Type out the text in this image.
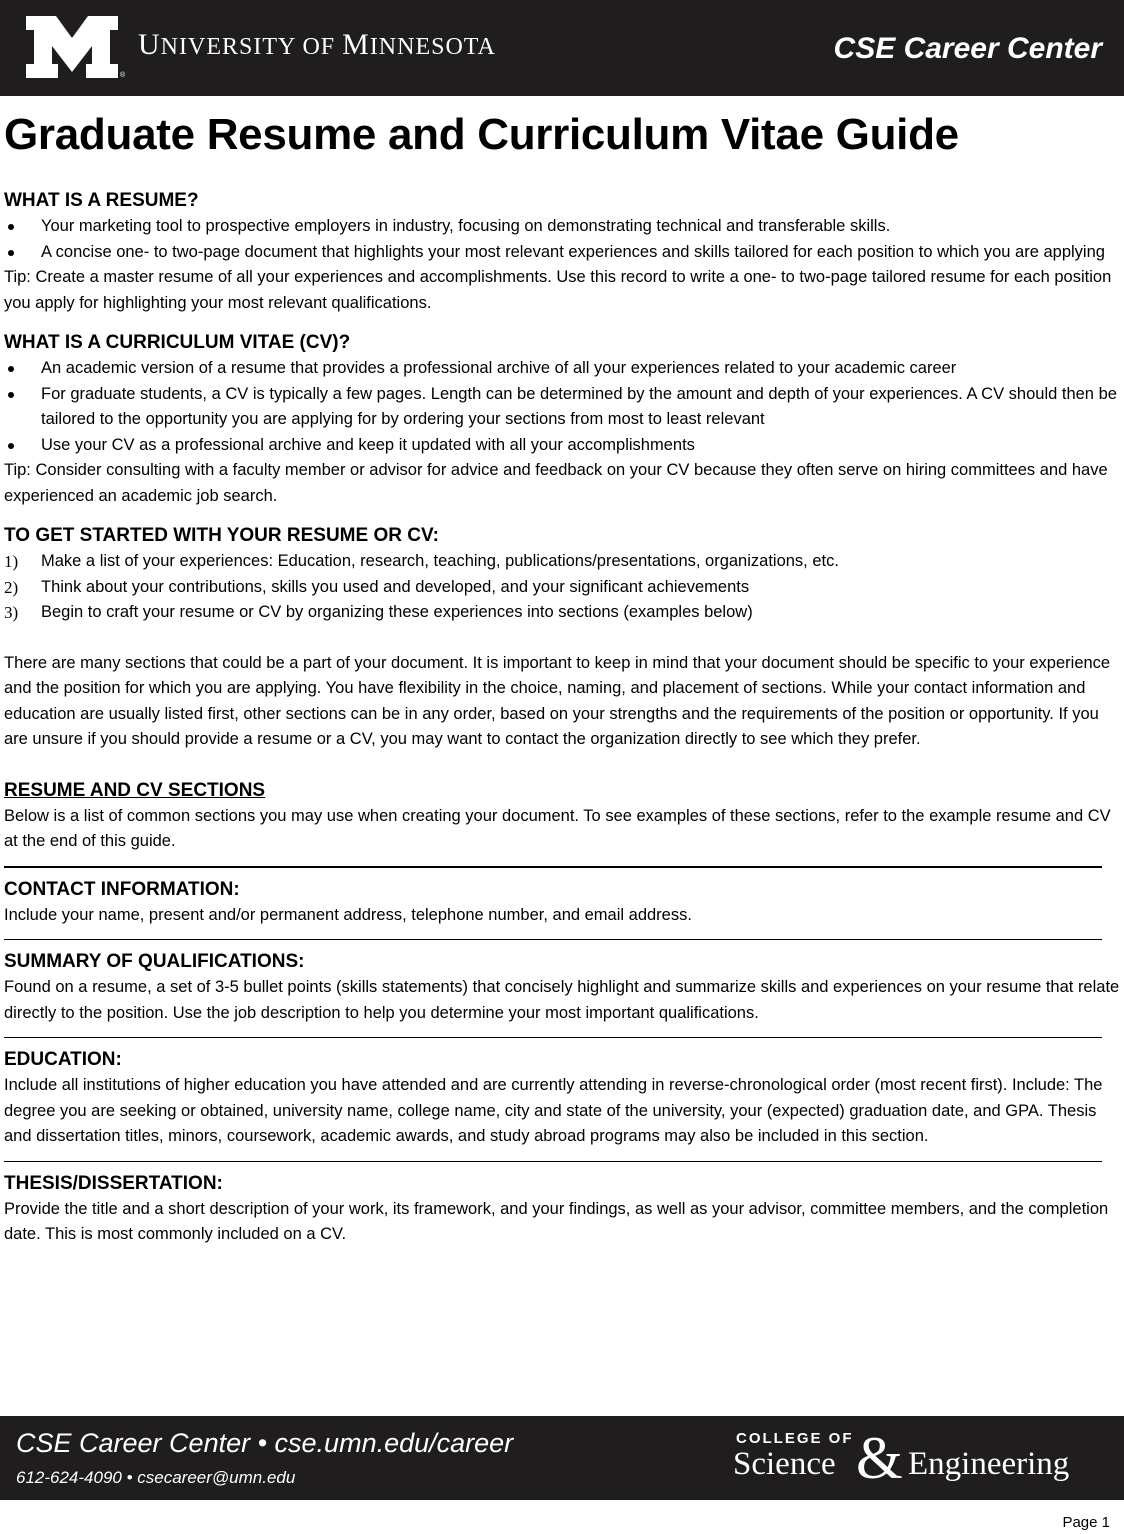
®
UNIVERSITY OF MINNESOTA	CSE Career Center
Graduate Resume and Curriculum Vitae Guide

WHAT IS A RESUME?

Your marketing tool to prospective employers in industry, focusing on demonstrating technical and transferable skills.
A concise one- to two-page document that highlights your most relevant experiences and skills tailored for each position to which you are applying

Tip: Create a master resume of all your experiences and accomplishments. Use this record to write a one- to two-page tailored resume for each position you apply for highlighting your most relevant qualifications.

WHAT IS A CURRICULUM VITAE (CV)?

An academic version of a resume that provides a professional archive of all your experiences related to your academic career
For graduate students, a CV is typically a few pages. Length can be determined by the amount and depth of your experiences. A CV should then be tailored to the opportunity you are applying for by ordering your sections from most to least relevant
Use your CV as a professional archive and keep it updated with all your accomplishments

Tip: Consider consulting with a faculty member or advisor for advice and feedback on your CV because they often serve on hiring committees and have experienced an academic job search.

TO GET STARTED WITH YOUR RESUME OR CV:

1) Make a list of your experiences: Education, research, teaching, publications/presentations, organizations, etc.
2) Think about your contributions, skills you used and developed, and your significant achievements
3) Begin to craft your resume or CV by organizing these experiences into sections (examples below)

There are many sections that could be a part of your document. It is important to keep in mind that your document should be specific to your experience and the position for which you are applying. You have flexibility in the choice, naming, and placement of sections. While your contact information and education are usually listed first, other sections can be in any order, based on your strengths and the requirements of the position or opportunity. If you are unsure if you should provide a resume or a CV, you may want to contact the organization directly to see which they prefer.

RESUME AND CV SECTIONS

Below is a list of common sections you may use when creating your document. To see examples of these sections, refer to the example resume and CV at the end of this guide.

CONTACT INFORMATION:

Include your name, present and/or permanent address, telephone number, and email address.

SUMMARY OF QUALIFICATIONS:

Found on a resume, a set of 3-5 bullet points (skills statements) that concisely highlight and summarize skills and experiences on your resume that relate directly to the position. Use the job description to help you determine your most important qualifications.

EDUCATION:

Include all institutions of higher education you have attended and are currently attending in reverse-chronological order (most recent first). Include: The degree you are seeking or obtained, university name, college name, city and state of the university, your (expected) graduation date, and GPA. Thesis and dissertation titles, minors, coursework, academic awards, and study abroad programs may also be included in this section.

THESIS/DISSERTATION:

Provide the title and a short description of your work, its framework, and your findings, as well as your advisor, committee members, and the completion date. This is most commonly included on a CV.

CSE Career Center • cse.umn.edu/career
612-624-4090 • csecareer@umn.edu
COLLEGE OF
Science & Engineering
Page 1
